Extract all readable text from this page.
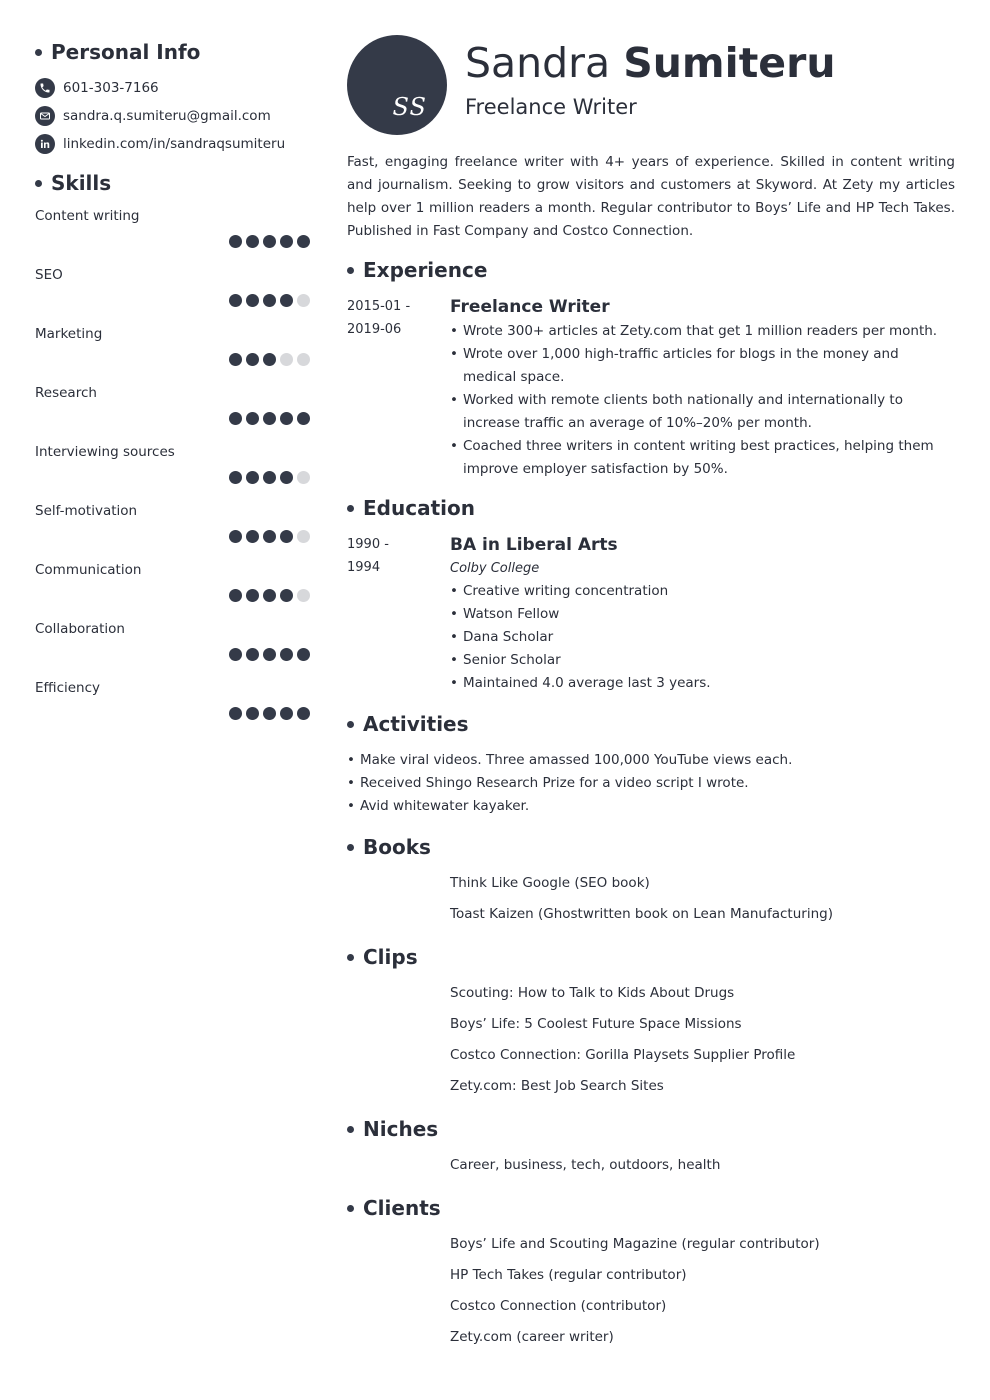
Personal Info
601-303-7166
sandra.q.sumiteru@gmail.com
linkedin.com/in/sandraqsumiteru
Skills
Content writing
SEO
Marketing
Research
Interviewing sources
Self-motivation
Communication
Collaboration
Efficiency
SS
Sandra Sumiteru
Freelance Writer
Fast, engaging freelance writer with 4+ years of experience. Skilled in content writing and journalism. Seeking to grow visitors and customers at Skyword. At Zety my articles help over 1 million readers a month. Regular contributor to Boys’ Life and HP Tech Takes. Published in Fast Company and Costco Connection.
Experience
2015-01 -
2019-06
Freelance Writer
• Wrote 300+ articles at Zety.com that get 1 million readers per month.
• Wrote over 1,000 high-traffic articles for blogs in the money and medical space.
• Worked with remote clients both nationally and internationally to increase traffic an average of 10%–20% per month.
• Coached three writers in content writing best practices, helping them improve employer satisfaction by 50%.
Education
1990 -
1994
BA in Liberal Arts
Colby College
• Creative writing concentration
• Watson Fellow
• Dana Scholar
• Senior Scholar
• Maintained 4.0 average last 3 years.
Activities
• Make viral videos. Three amassed 100,000 YouTube views each.
• Received Shingo Research Prize for a video script I wrote.
• Avid whitewater kayaker.
Books
Think Like Google (SEO book)
Toast Kaizen (Ghostwritten book on Lean Manufacturing)
Clips
Scouting: How to Talk to Kids About Drugs
Boys’ Life: 5 Coolest Future Space Missions
Costco Connection: Gorilla Playsets Supplier Profile
Zety.com: Best Job Search Sites
Niches
Career, business, tech, outdoors, health
Clients
Boys’ Life and Scouting Magazine (regular contributor)
HP Tech Takes (regular contributor)
Costco Connection (contributor)
Zety.com (career writer)
